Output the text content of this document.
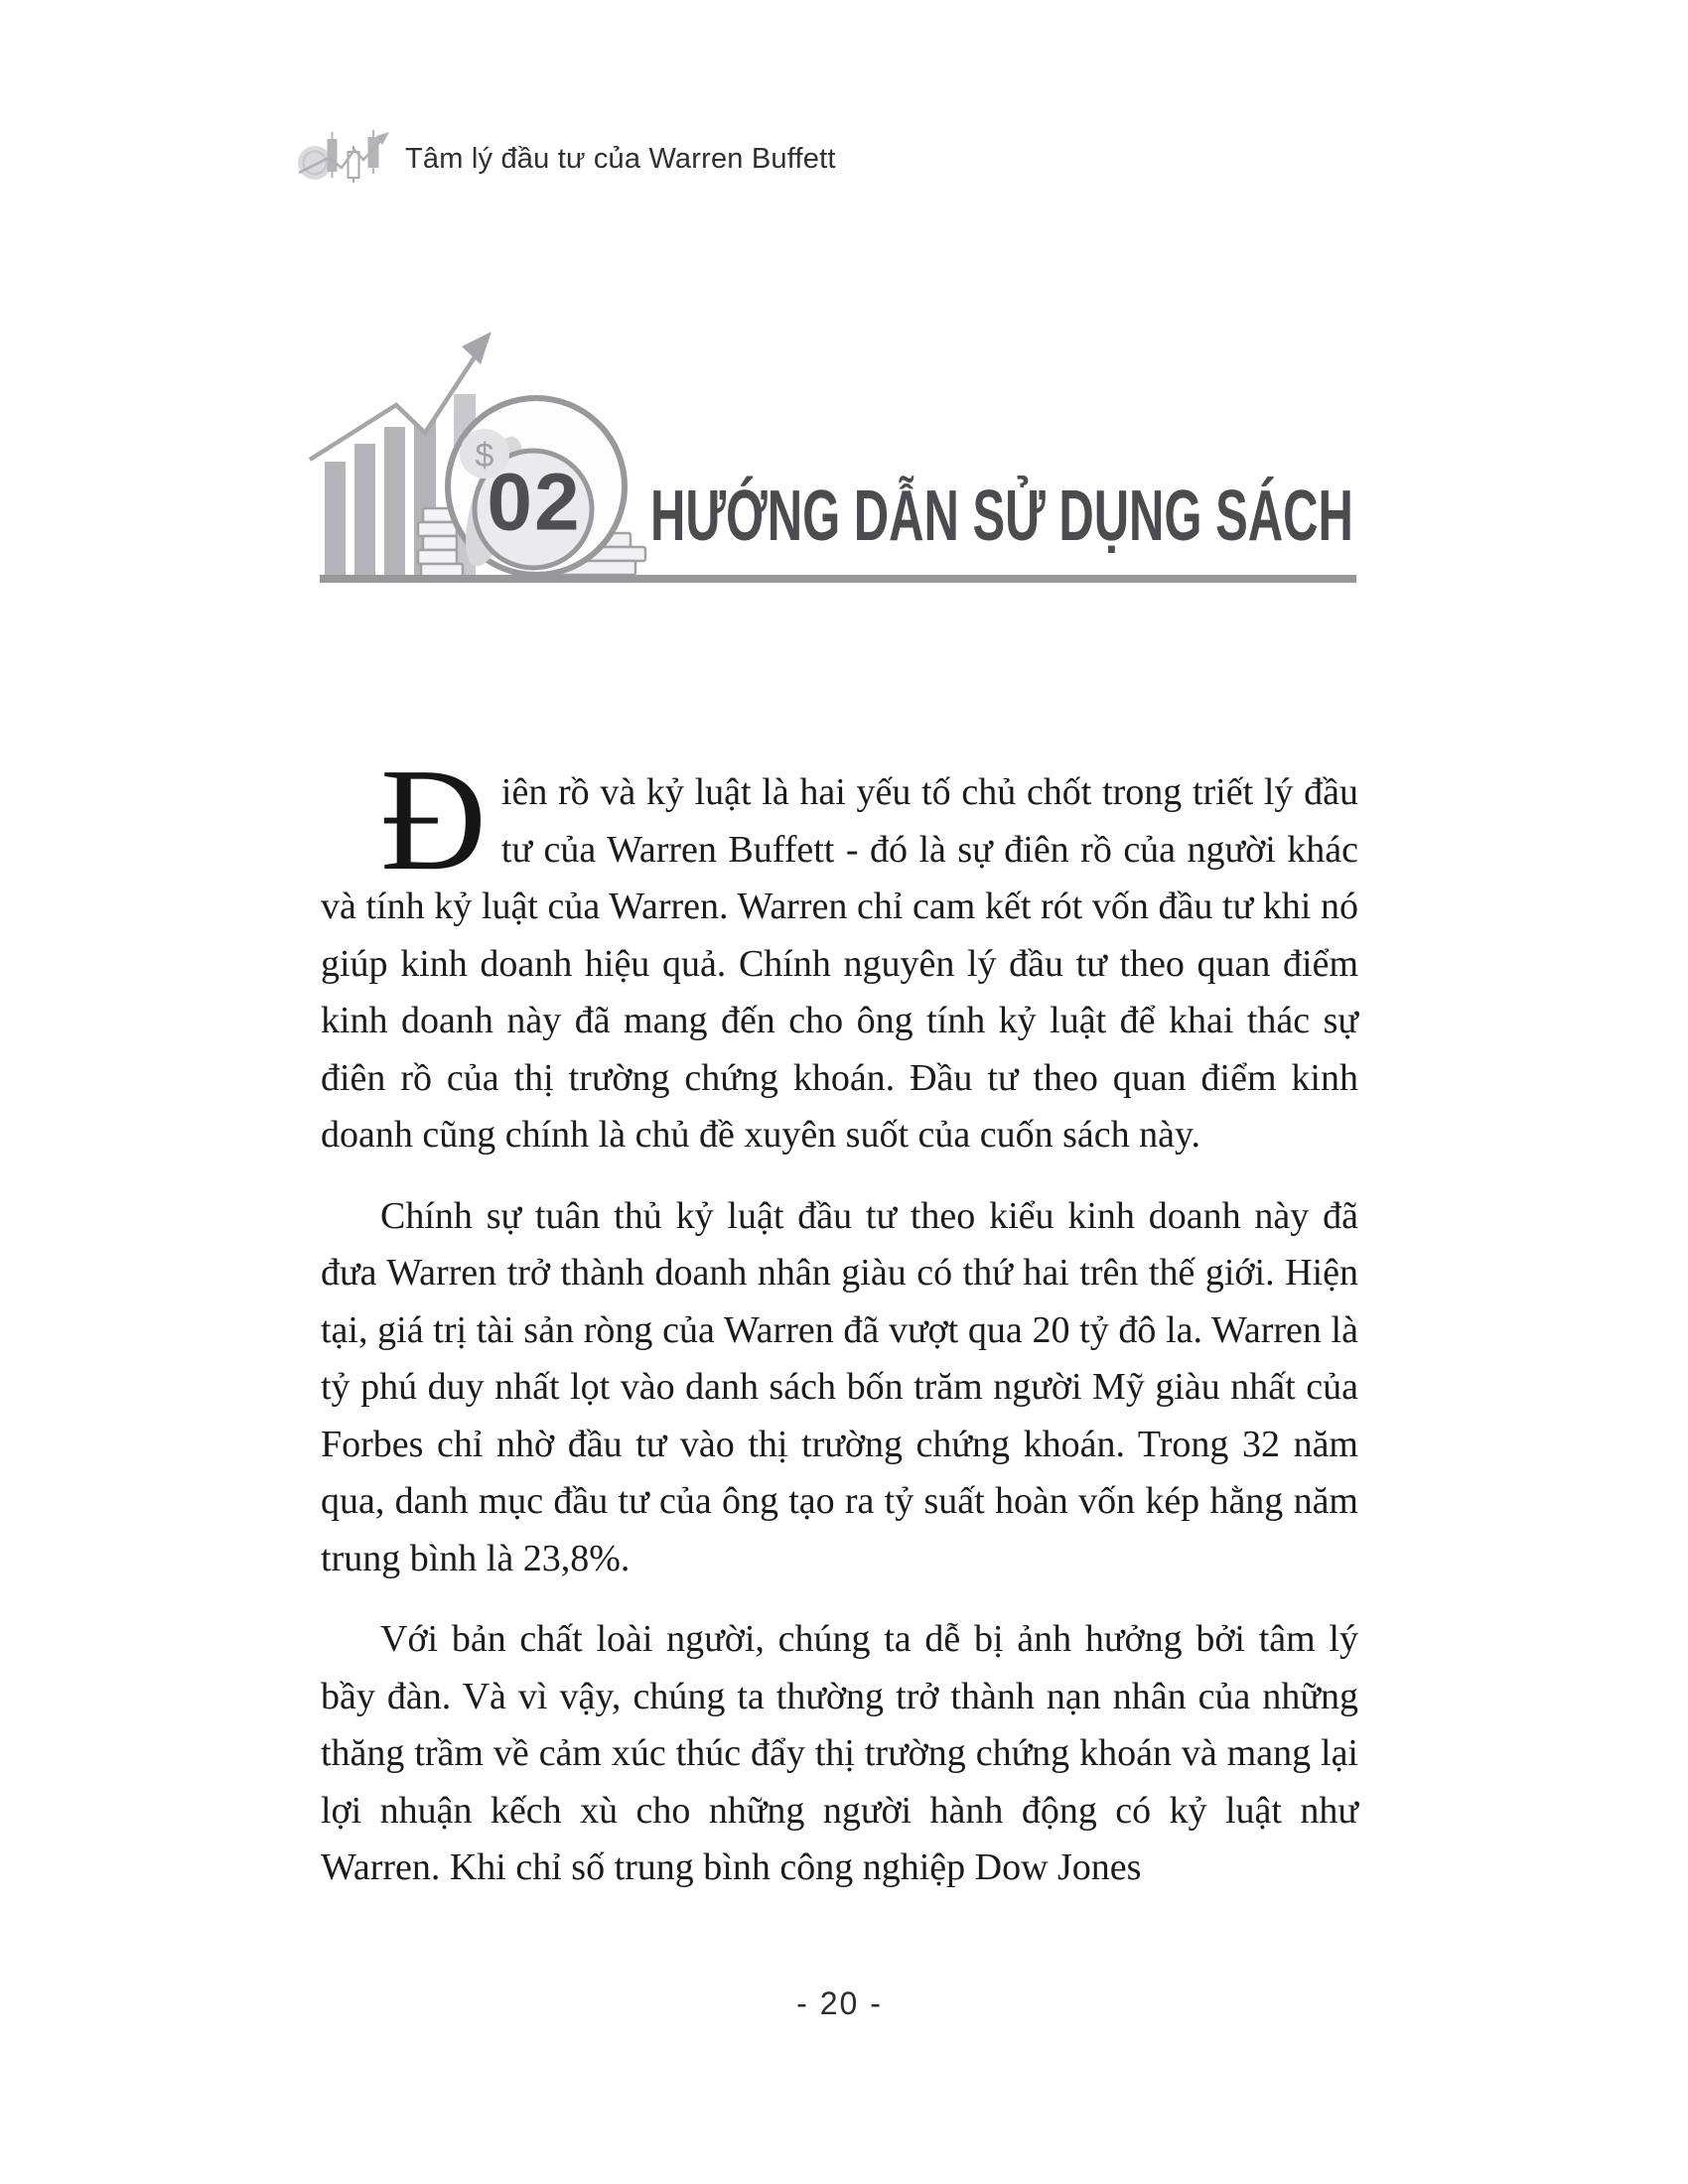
Tâm lý đầu tư của Warren Buffett
$
02 HƯỚNG DẪN SỬ DỤNG SÁCH

Điên rồ và kỷ luật là hai yếu tố chủ chốt trong triết lý đầu tư của Warren Buffett - đó là sự điên rồ của người khác và tính kỷ luật của Warren. Warren chỉ cam kết rót vốn đầu tư khi nó giúp kinh doanh hiệu quả. Chính nguyên lý đầu tư theo quan điểm kinh doanh này đã mang đến cho ông tính kỷ luật để khai thác sự điên rồ của thị trường chứng khoán. Đầu tư theo quan điểm kinh doanh cũng chính là chủ đề xuyên suốt của cuốn sách này.

Chính sự tuân thủ kỷ luật đầu tư theo kiểu kinh doanh này đã đưa Warren trở thành doanh nhân giàu có thứ hai trên thế giới. Hiện tại, giá trị tài sản ròng của Warren đã vượt qua 20 tỷ đô la. Warren là tỷ phú duy nhất lọt vào danh sách bốn trăm người Mỹ giàu nhất của Forbes chỉ nhờ đầu tư vào thị trường chứng khoán. Trong 32 năm qua, danh mục đầu tư của ông tạo ra tỷ suất hoàn vốn kép hằng năm trung bình là 23,8%.

Với bản chất loài người, chúng ta dễ bị ảnh hưởng bởi tâm lý bầy đàn. Và vì vậy, chúng ta thường trở thành nạn nhân của những thăng trầm về cảm xúc thúc đẩy thị trường chứng khoán và mang lại lợi nhuận kếch xù cho những người hành động có kỷ luật như Warren. Khi chỉ số trung bình công nghiệp Dow Jones

- 20 -
